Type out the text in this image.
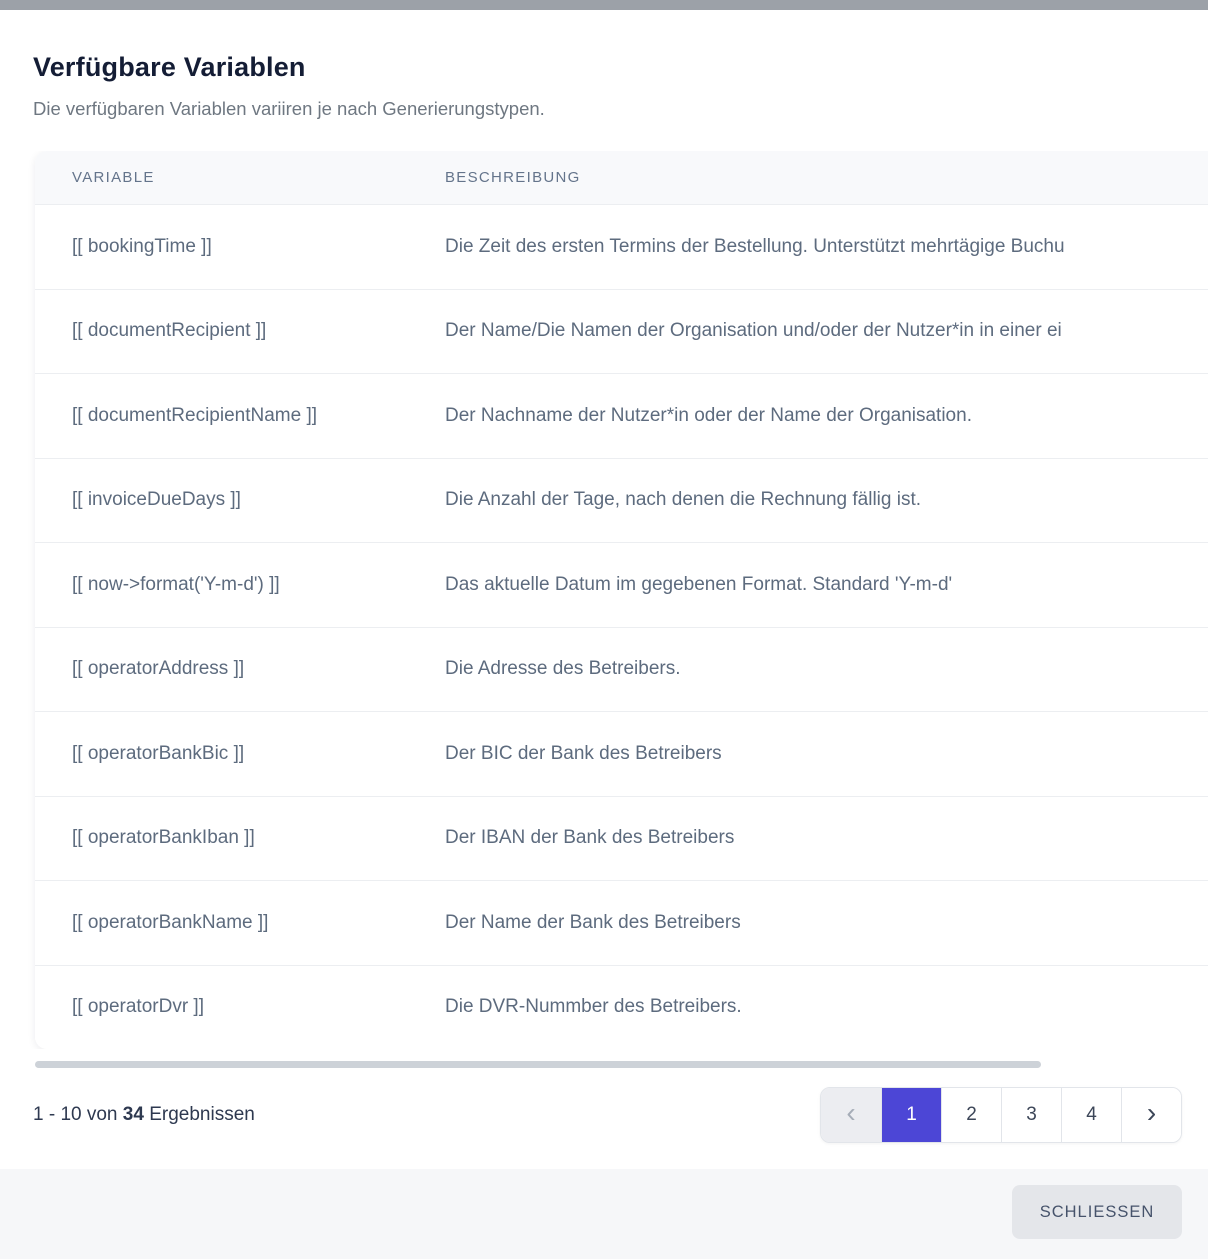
Verfügbare Variablen
Die verfügbaren Variablen variiren je nach Generierungstypen.
VARIABLE	BESCHREIBUNG
[[ bookingTime ]]	Die Zeit des ersten Termins der Bestellung. Unterstützt mehrtägige Buchu
[[ documentRecipient ]]	Der Name/Die Namen der Organisation und/oder der Nutzer*in in einer ei
[[ documentRecipientName ]]	Der Nachname der Nutzer*in oder der Name der Organisation.
[[ invoiceDueDays ]]	Die Anzahl der Tage, nach denen die Rechnung fällig ist.
[[ now->format('Y-m-d') ]]	Das aktuelle Datum im gegebenen Format. Standard 'Y-m-d'
[[ operatorAddress ]]	Die Adresse des Betreibers.
[[ operatorBankBic ]]	Der BIC der Bank des Betreibers
[[ operatorBankIban ]]	Der IBAN der Bank des Betreibers
[[ operatorBankName ]]	Der Name der Bank des Betreibers
[[ operatorDvr ]]	Die DVR-Nummber des Betreibers.
1 - 10 von 34 Ergebnissen	‹	1	2	3	4	›
SCHLIESSEN
